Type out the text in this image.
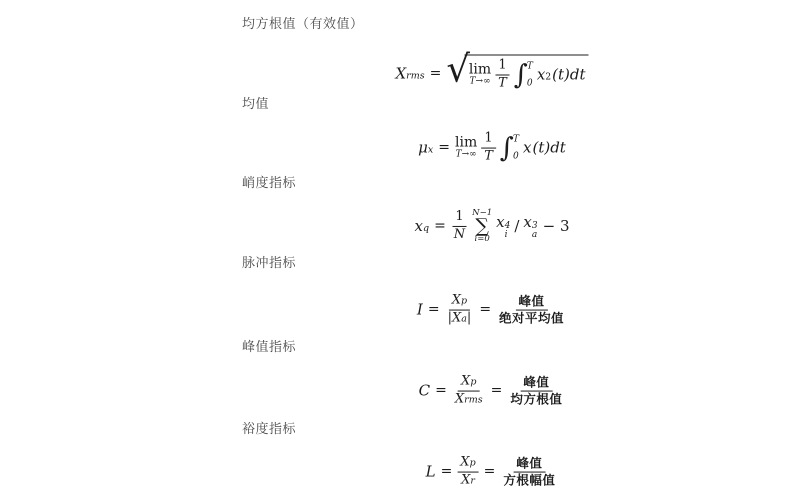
均方根值（有效值）
X rms = √ lim
$T\to\infty \frac{1}{T}$ ∫ T
0 $x_2$ (t)dt
均值
μ x = lim
$T\to\infty \frac{1}{T}$ ∫ T
0 x (t)dt
峭度指标
x $q = \frac{1}{N} N-1$
∑
i=0
x 4
i / x 3
a − 3
脉冲指标
$I = \frac{\text{X p}}{\text{| X a |}} = \frac{\text{峰值}}{\text{绝对平均值}}$
峰值指标
$C = \frac{\text{X p}}{\text{X rms}} = \frac{\text{峰值}}{\text{均方根值}}$
裕度指标
$L = \frac{\text{X p}}{\text{X r}} = \frac{\text{峰值}}{\text{方根幅值}}$
